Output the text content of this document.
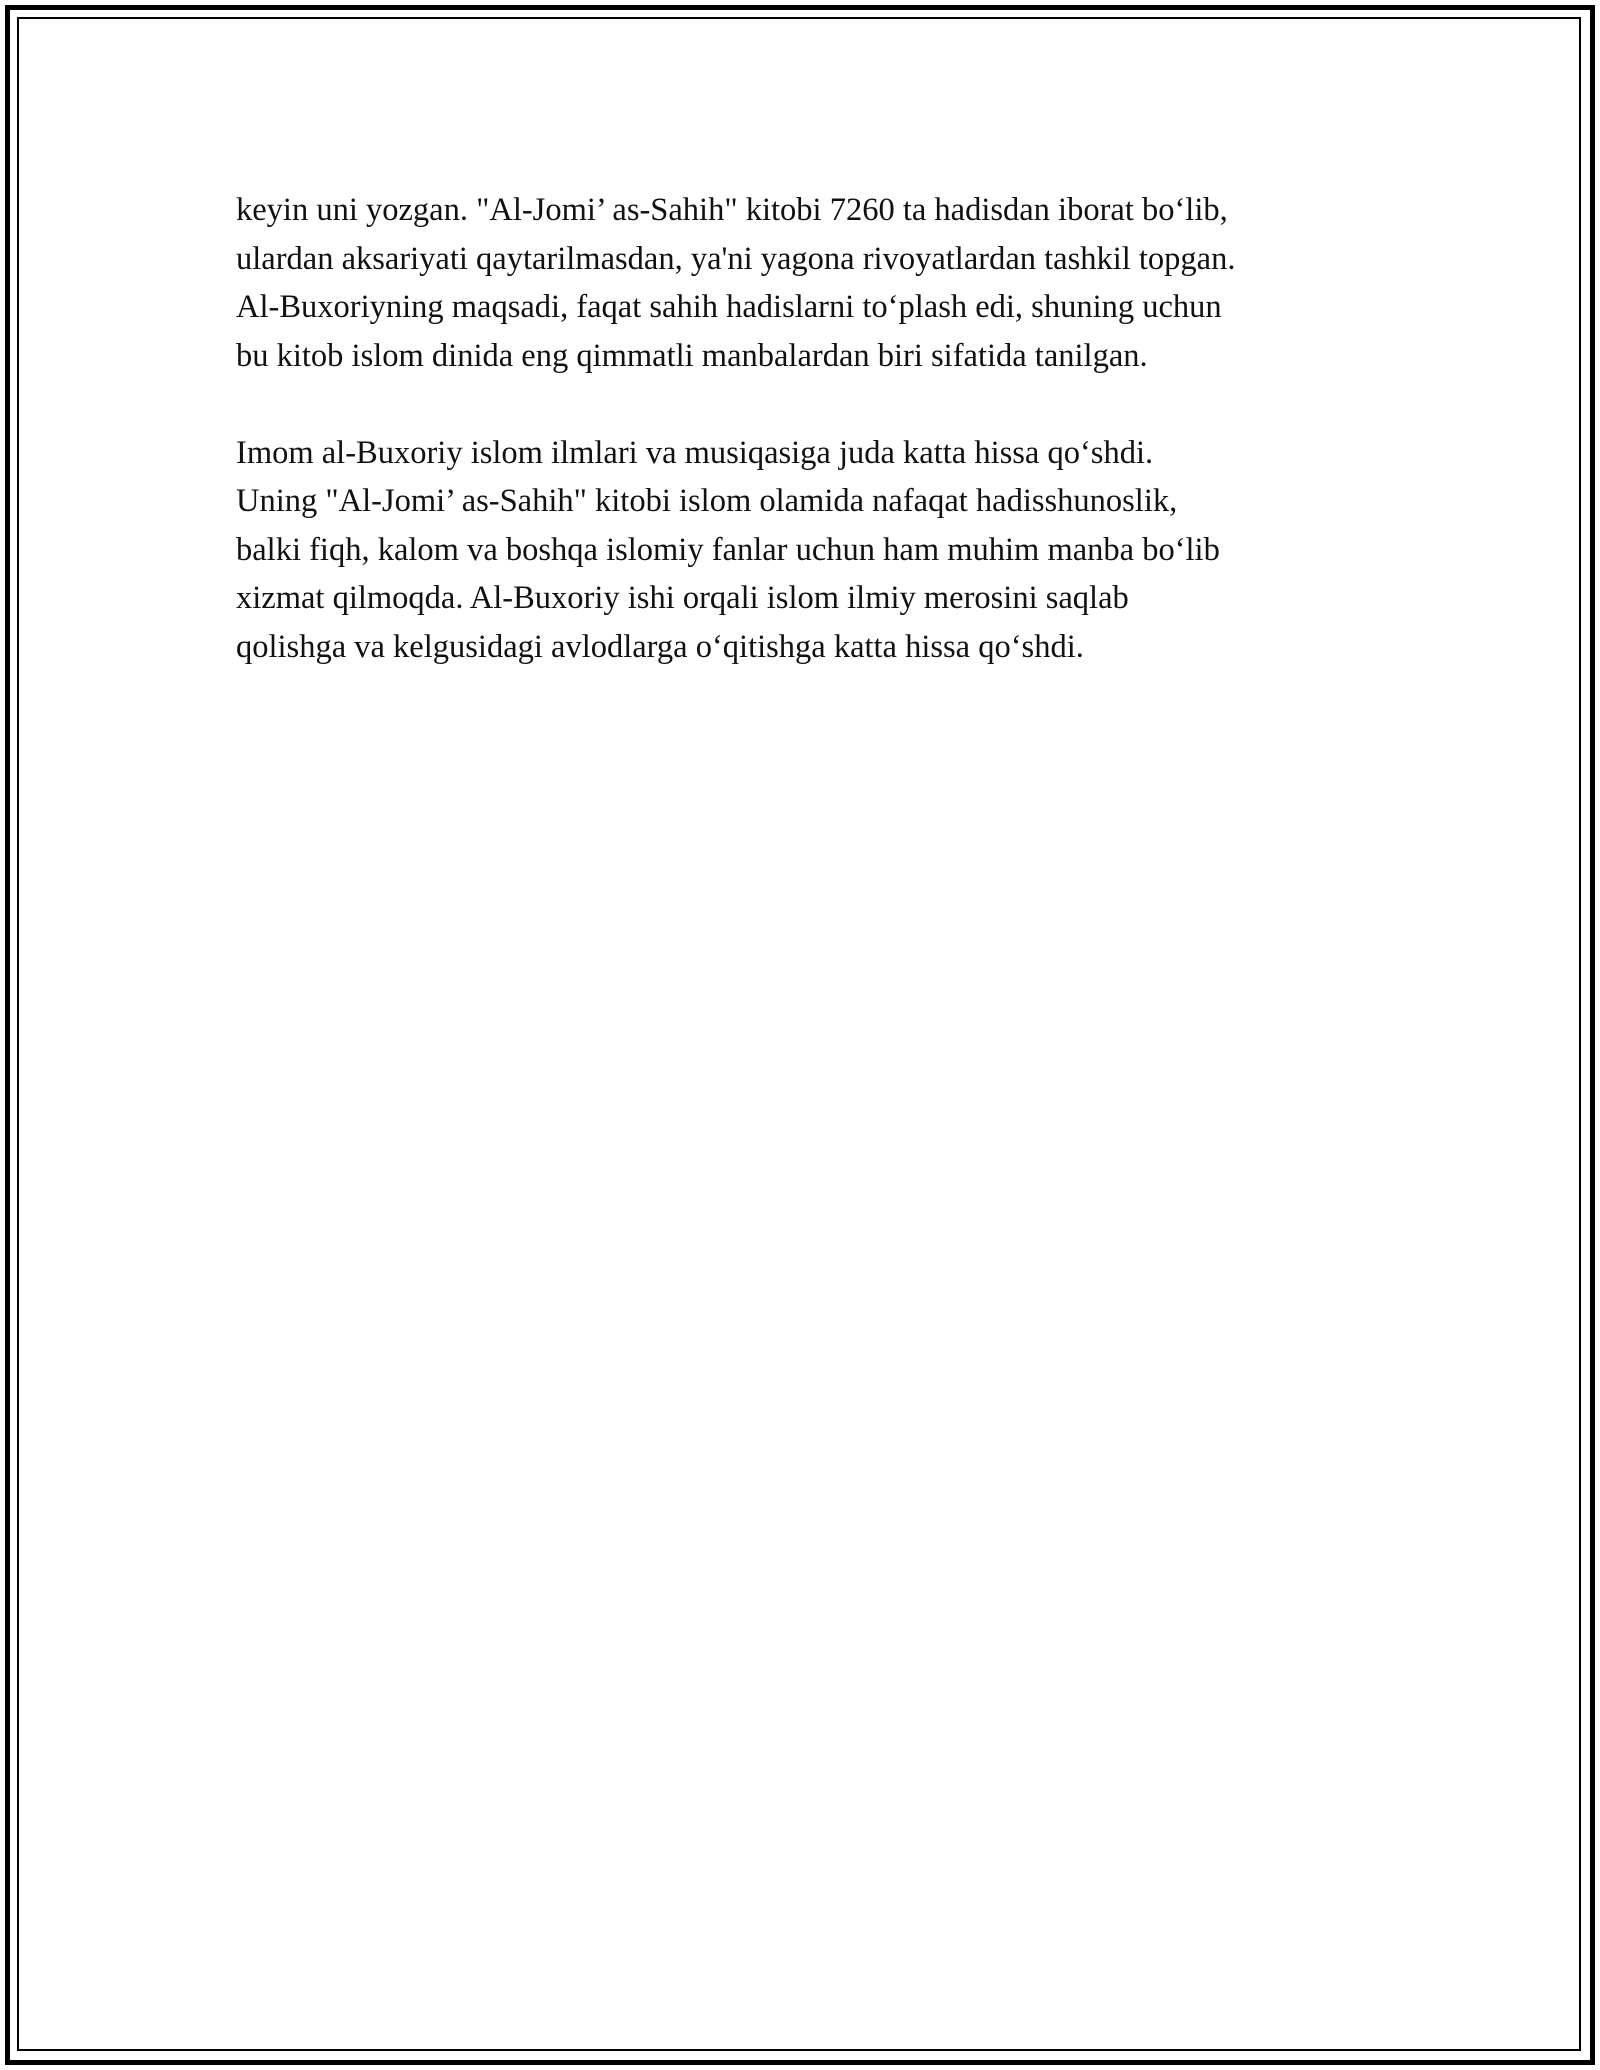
keyin uni yozgan. "Al-Jomi’ as-Sahih" kitobi 7260 ta hadisdan iborat bo‘lib,
ulardan aksariyati qaytarilmasdan, ya'ni yagona rivoyatlardan tashkil topgan.
Al-Buxoriyning maqsadi, faqat sahih hadislarni to‘plash edi, shuning uchun
bu kitob islom dinida eng qimmatli manbalardan biri sifatida tanilgan.

Imom al-Buxoriy islom ilmlari va musiqasiga juda katta hissa qo‘shdi.
Uning "Al-Jomi’ as-Sahih" kitobi islom olamida nafaqat hadisshunoslik,
balki fiqh, kalom va boshqa islomiy fanlar uchun ham muhim manba bo‘lib
xizmat qilmoqda. Al-Buxoriy ishi orqali islom ilmiy merosini saqlab
qolishga va kelgusidagi avlodlarga o‘qitishga katta hissa qo‘shdi.
